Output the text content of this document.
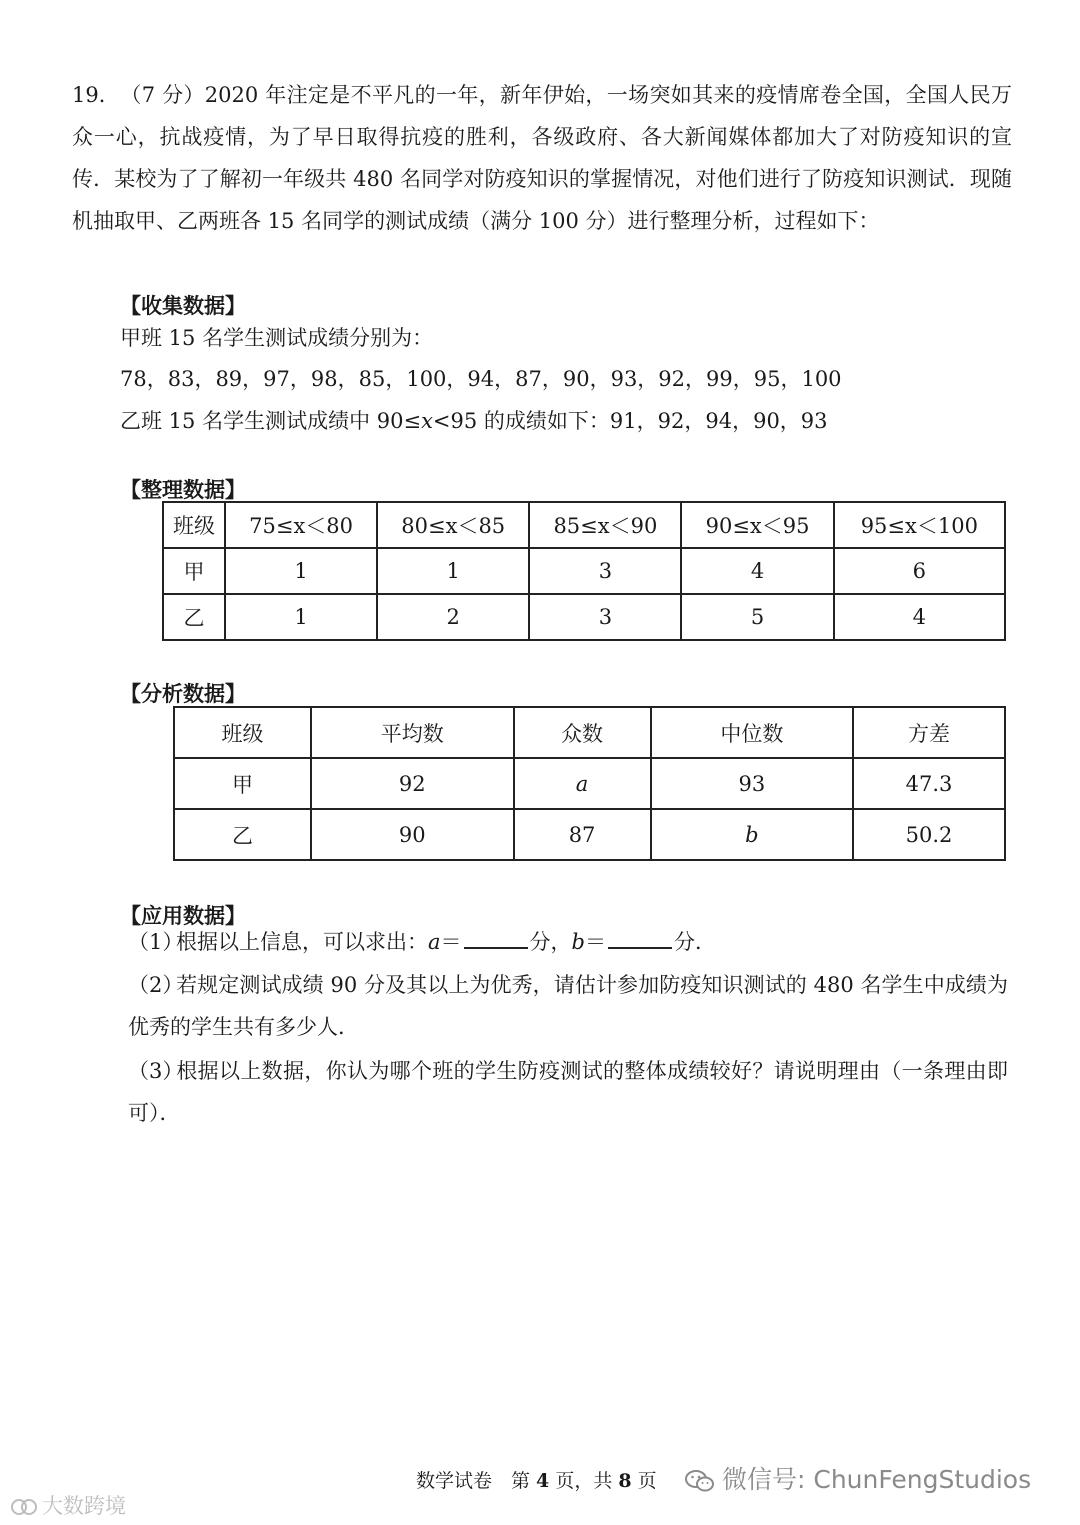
19．（7 分）2020 年注定是不平凡的一年，新年伊始，一场突如其来的疫情席卷全国，全国人民万众一心，抗战疫情，为了早日取得抗疫的胜利，各级政府、各大新闻媒体都加大了对防疫知识的宣传．某校为了了解初一年级共 480 名同学对防疫知识的掌握情况，对他们进行了防疫知识测试．现随机抽取甲、乙两班各 15 名同学的测试成绩（满分 100 分）进行整理分析，过程如下：
【收集数据】
甲班 15 名学生测试成绩分别为：
78，83，89，97，98，85，100，94，87，90，93，92，99，95，100
乙班 15 名学生测试成绩中 90≤x<95 的成绩如下：91，92，94，90，93
【整理数据】
班级	75≤x＜80	80≤x＜85	85≤x＜90	90≤x＜95	95≤x＜100
甲	1	1	3	4	6
乙	1	2	3	5	4
【分析数据】
班级	平均数	众数	中位数	方差
甲	92	a	93	47.3
乙	90	87	b	50.2
【应用数据】
（1）根据以上信息，可以求出：a＝	分，b＝	分．
（2）若规定测试成绩 90 分及其以上为优秀，请估计参加防疫知识测试的 480 名学生中成绩为优秀的学生共有多少人．
（3）根据以上数据，你认为哪个班的学生防疫测试的整体成绩较好？请说明理由（一条理由即可）．
数学试卷　第 4 页，共 8 页	微信号: ChunFengStudios
大数跨境
